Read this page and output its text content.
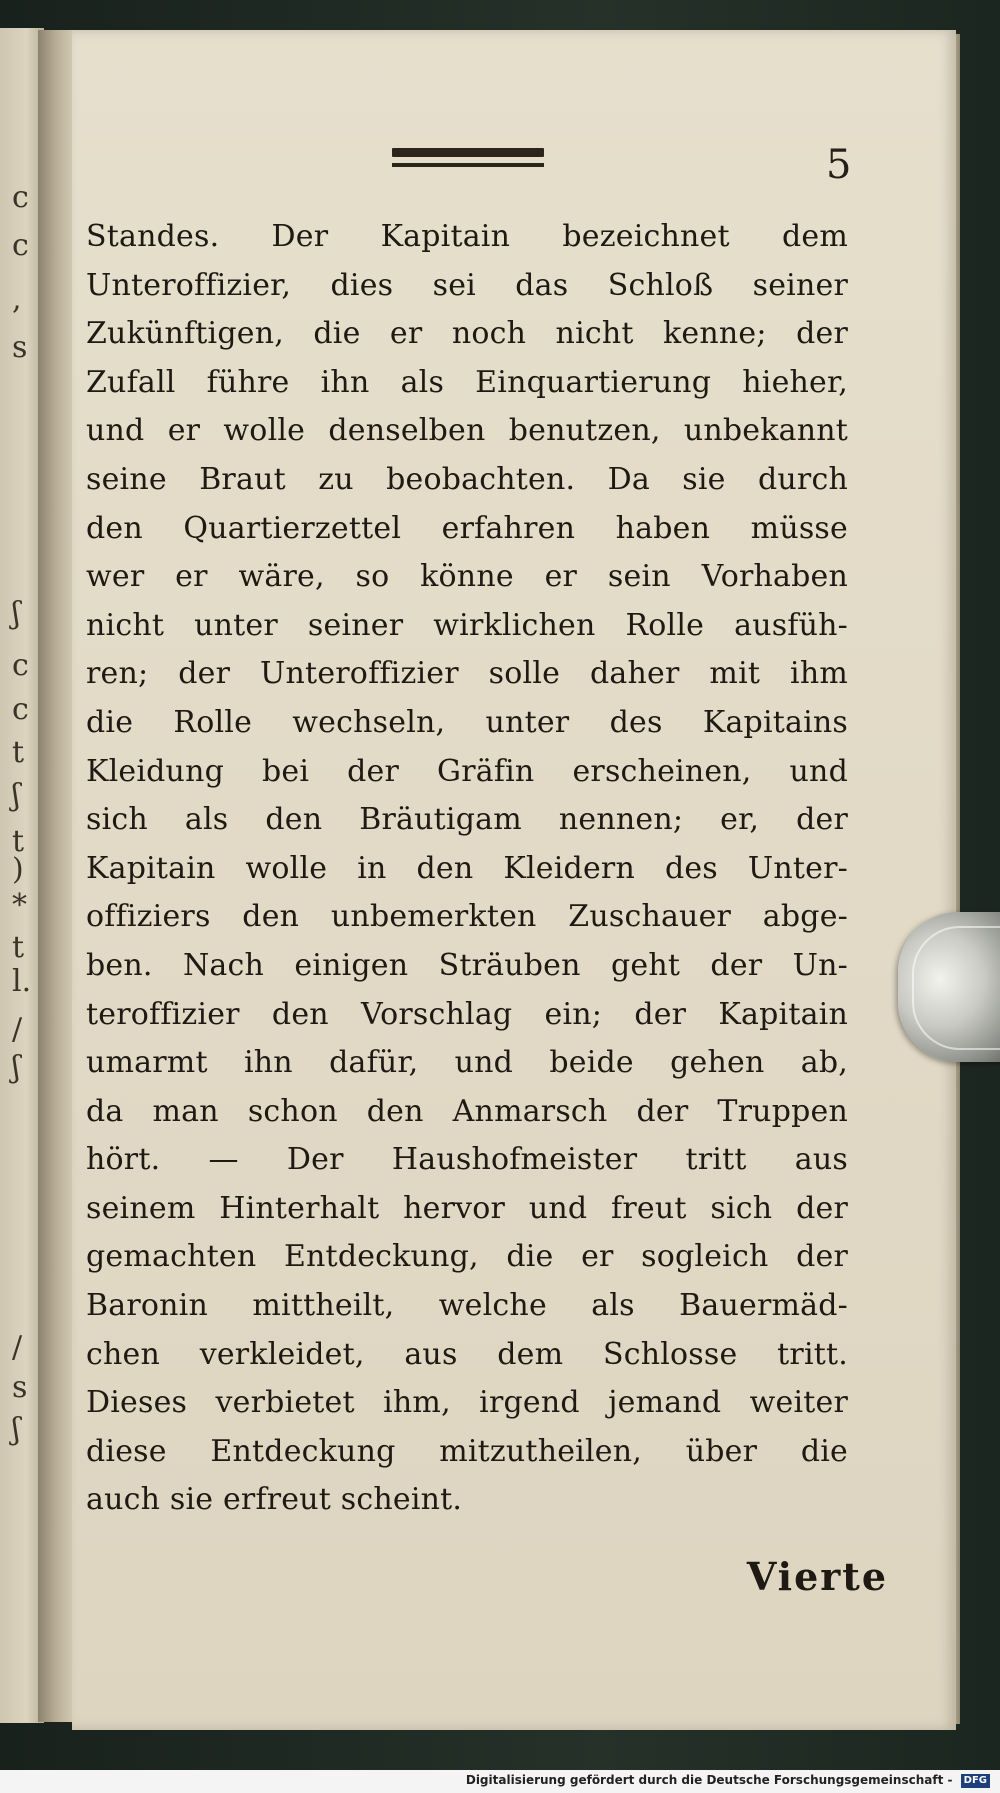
c
c
,
s
ʃ
c
c
t
ʃ
t
)
*
t
l.
/
ʃ
/
s
ʃ
5
Standes. Der Kapitain bezeichnet dem
Unteroffizier, dies sei das Schloß seiner
Zukünftigen, die er noch nicht kenne; der
Zufall führe ihn als Einquartierung hieher,
und er wolle denselben benutzen, unbekannt
seine Braut zu beobachten. Da sie durch
den Quartierzettel erfahren haben müsse
wer er wäre, so könne er sein Vorhaben
nicht unter seiner wirklichen Rolle ausfüh-
ren; der Unteroffizier solle daher mit ihm
die Rolle wechseln, unter des Kapitains
Kleidung bei der Gräfin erscheinen, und
sich als den Bräutigam nennen; er, der
Kapitain wolle in den Kleidern des Unter-
offiziers den unbemerkten Zuschauer abge-
ben. Nach einigen Sträuben geht der Un-
teroffizier den Vorschlag ein; der Kapitain
umarmt ihn dafür, und beide gehen ab,
da man schon den Anmarsch der Truppen
hört. — Der Haushofmeister tritt aus
seinem Hinterhalt hervor und freut sich der
gemachten Entdeckung, die er sogleich der
Baronin mittheilt, welche als Bauermäd-
chen verkleidet, aus dem Schlosse tritt.
Dieses verbietet ihm, irgend jemand weiter
diese Entdeckung mitzutheilen, über die
auch sie erfreut scheint.
Vierte
Digitalisierung gefördert durch die Deutsche Forschungsgemeinschaft - DFG
